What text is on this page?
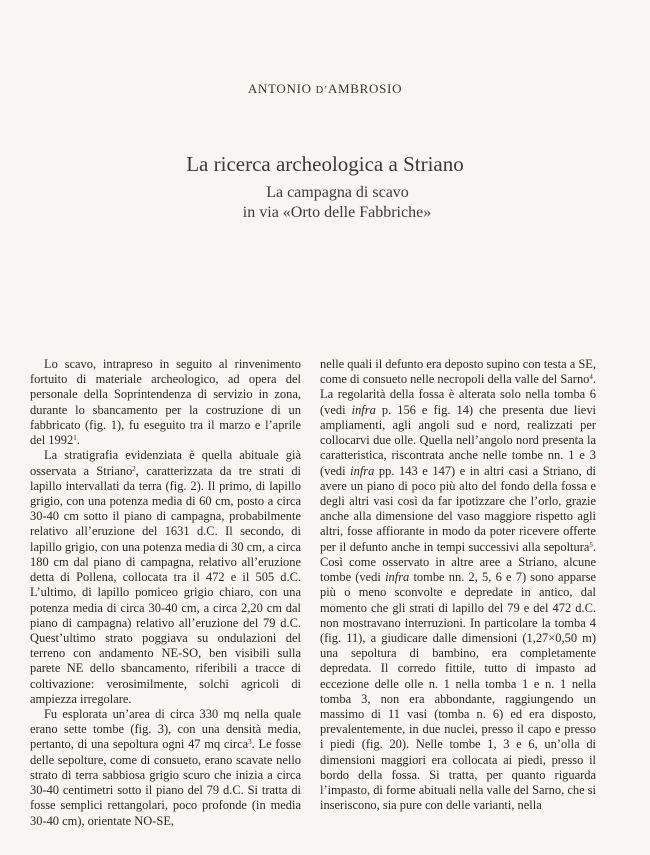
ANTONIO D’AMBROSIO
La ricerca archeologica a Striano
La campagna di scavo
in via «Orto delle Fabbriche»

Lo scavo, intrapreso in seguito al rinvenimento fortuito di materiale archeologico, ad opera del personale della Soprintendenza di servizio in zona, durante lo sbancamento per la costruzione di un fabbricato (fig. 1), fu eseguito tra il marzo e l’aprile del 1992$^1$.

La stratigrafia evidenziata è quella abituale già osservata a Striano$^2$, caratterizzata da tre strati di lapillo intervallati da terra (fig. 2). Il primo, di lapillo grigio, con una potenza media di 60 cm, posto a circa 30-40 cm sotto il piano di campagna, probabilmente relativo all’eruzione del 1631 d.C. Il secondo, di lapillo grigio, con una potenza media di 30 cm, a circa 180 cm dal piano di campagna, relativo all’eruzione detta di Pollena, collocata tra il 472 e il 505 d.C. L’ultimo, di lapillo pomiceo grigio chiaro, con una potenza media di circa 30-40 cm, a circa 2,20 cm dal piano di campagna) relativo all’eruzione del 79 d.C. Quest’ultimo strato poggiava su ondulazioni del terreno con andamento NE-SO, ben visibili sulla parete NE dello sbancamento, riferibili a tracce di coltivazione: verosimilmente, solchi agricoli di ampiezza irregolare.

Fu esplorata un’area di circa 330 mq nella quale erano sette tombe (fig. 3), con una densità media, pertanto, di una sepoltura ogni 47 mq circa$^3$. Le fosse delle sepolture, come di consueto, erano scavate nello strato di terra sabbiosa grigio scuro che inizia a circa 30-40 centimetri sotto il piano del 79 d.C. Si tratta di fosse semplici rettangolari, poco profonde (in media 30-40 cm), orientate NO-SE,

nelle quali il defunto era deposto supino con testa a SE, come di consueto nelle necropoli della valle del Sarno$^4$. La regolarità della fossa è alterata solo nella tomba 6 (vedi infra p. 156 e fig. 14) che presenta due lievi ampliamenti, agli angoli sud e nord, realizzati per collocarvi due olle. Quella nell’angolo nord presenta la caratteristica, riscontrata anche nelle tombe nn. 1 e 3 (vedi infra pp. 143 e 147) e in altri casi a Striano, di avere un piano di poco più alto del fondo della fossa e degli altri vasi così da far ipotizzare che l’orlo, grazie anche alla dimensione del vaso maggiore rispetto agli altri, fosse affiorante in modo da poter ricevere offerte per il defunto anche in tempi successivi alla sepoltura$^5$. Così come osservato in altre aree a Striano, alcune tombe (vedi infra tombe nn. 2, 5, 6 e 7) sono apparse più o meno sconvolte e depredate in antico, dal momento che gli strati di lapillo del 79 e del 472 d.C. non mostravano interruzioni. In particolare la tomba 4 (fig. 11), a giudicare dalle dimensioni (1,27×0,50 m) una sepoltura di bambino, era completamente depredata. Il corredo fittile, tutto di impasto ad eccezione delle olle n. 1 nella tomba 1 e n. 1 nella tomba 3, non era abbondante, raggiungendo un massimo di 11 vasi (tomba n. 6) ed era disposto, prevalentemente, in due nuclei, presso il capo e presso i piedi (fig. 20). Nelle tombe 1, 3 e 6, un’olla di dimensioni maggiori era collocata ai piedi, presso il bordo della fossa. Si tratta, per quanto riguarda l’impasto, di forme abituali nella valle del Sarno, che si inseriscono, sia pure con delle varianti, nella
